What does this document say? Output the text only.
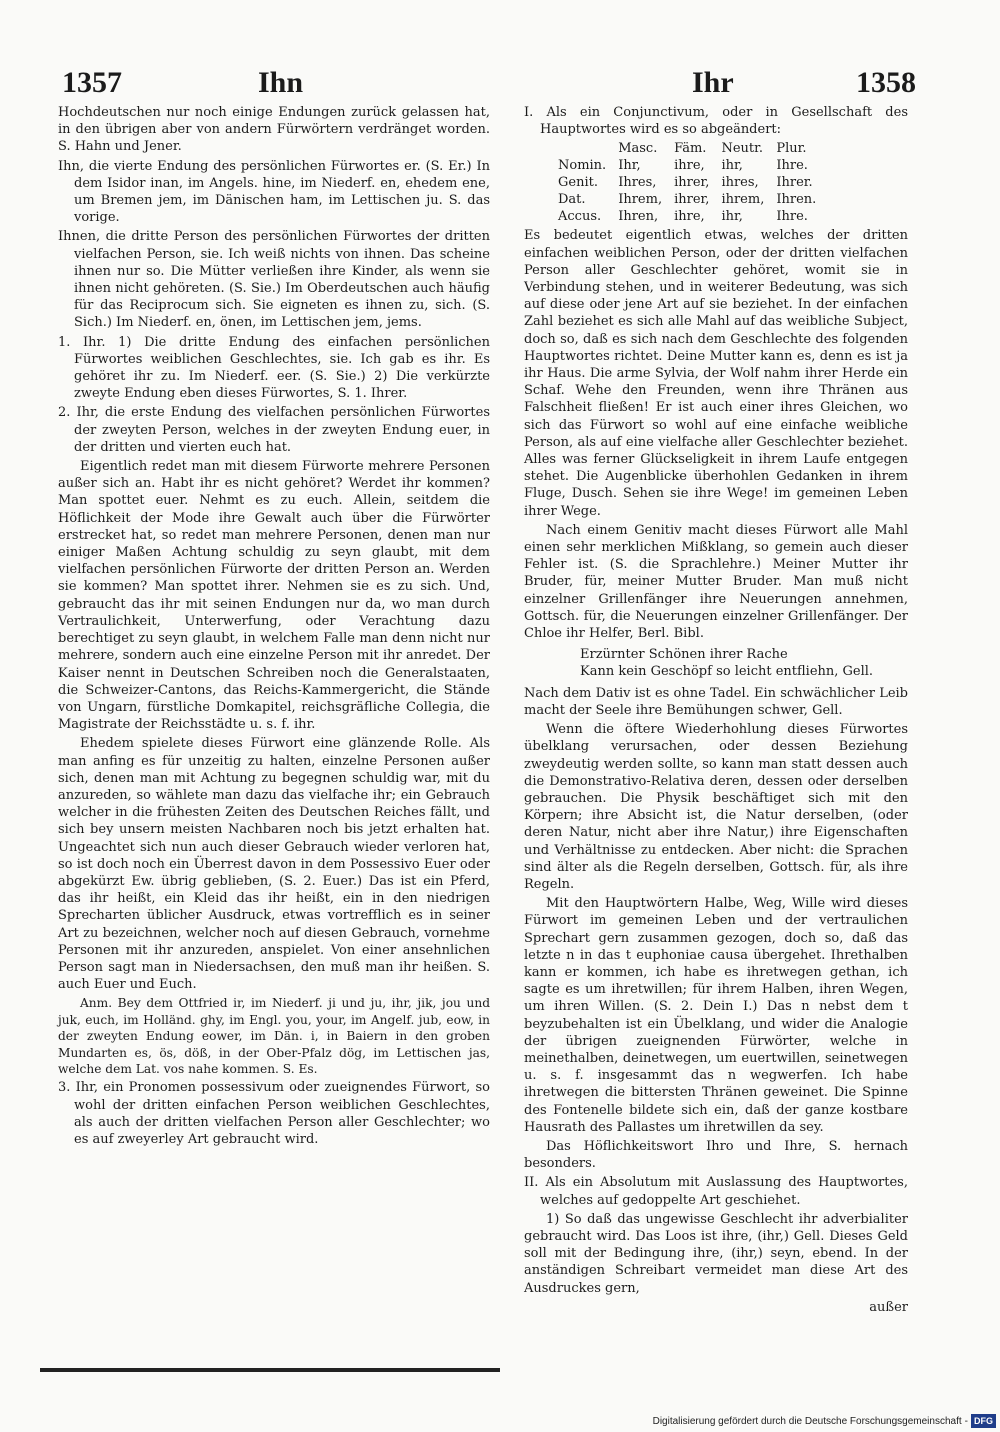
1357	Ihn	Ihr	1358

Hochdeutschen nur noch einige Endungen zurück gelassen hat, in den übrigen aber von andern Fürwörtern verdränget worden. S. Hahn und Jener.

Ihn, die vierte Endung des persönlichen Fürwortes er. (S. Er.) In dem Isidor inan, im Angels. hine, im Niederf. en, ehedem ene, um Bremen jem, im Dänischen ham, im Lettischen ju. S. das vorige.

Ihnen, die dritte Person des persönlichen Fürwortes der dritten vielfachen Person, sie. Ich weiß nichts von ihnen. Das scheine ihnen nur so. Die Mütter verließen ihre Kinder, als wenn sie ihnen nicht gehöreten. (S. Sie.) Im Oberdeutschen auch häufig für das Reciprocum sich. Sie eigneten es ihnen zu, sich. (S. Sich.) Im Niederf. en, önen, im Lettischen jem, jems.

1. Ihr. 1) Die dritte Endung des einfachen persönlichen Fürwortes weiblichen Geschlechtes, sie. Ich gab es ihr. Es gehöret ihr zu. Im Niederf. eer. (S. Sie.) 2) Die verkürzte zweyte Endung eben dieses Fürwortes, S. 1. Ihrer.

2. Ihr, die erste Endung des vielfachen persönlichen Fürwortes der zweyten Person, welches in der zweyten Endung euer, in der dritten und vierten euch hat.

Eigentlich redet man mit diesem Fürworte mehrere Personen außer sich an. Habt ihr es nicht gehöret? Werdet ihr kommen? Man spottet euer. Nehmt es zu euch. Allein, seitdem die Höflichkeit der Mode ihre Gewalt auch über die Fürwörter erstrecket hat, so redet man mehrere Personen, denen man nur einiger Maßen Achtung schuldig zu seyn glaubt, mit dem vielfachen persönlichen Fürworte der dritten Person an. Werden sie kommen? Man spottet ihrer. Nehmen sie es zu sich. Und, gebraucht das ihr mit seinen Endungen nur da, wo man durch Vertraulichkeit, Unterwerfung, oder Verachtung dazu berechtiget zu seyn glaubt, in welchem Falle man denn nicht nur mehrere, sondern auch eine einzelne Person mit ihr anredet. Der Kaiser nennt in Deutschen Schreiben noch die Generalstaaten, die Schweizer-Cantons, das Reichs-Kammergericht, die Stände von Ungarn, fürstliche Domkapitel, reichsgräfliche Collegia, die Magistrate der Reichsstädte u. s. f. ihr.

Ehedem spielete dieses Fürwort eine glänzende Rolle. Als man anfing es für unzeitig zu halten, einzelne Personen außer sich, denen man mit Achtung zu begegnen schuldig war, mit du anzureden, so wählete man dazu das vielfache ihr; ein Gebrauch welcher in die frühesten Zeiten des Deutschen Reiches fällt, und sich bey unsern meisten Nachbaren noch bis jetzt erhalten hat. Ungeachtet sich nun auch dieser Gebrauch wieder verloren hat, so ist doch noch ein Überrest davon in dem Possessivo Euer oder abgekürzt Ew. übrig geblieben, (S. 2. Euer.) Das ist ein Pferd, das ihr heißt, ein Kleid das ihr heißt, ein in den niedrigen Sprecharten üblicher Ausdruck, etwas vortrefflich es in seiner Art zu bezeichnen, welcher noch auf diesen Gebrauch, vornehme Personen mit ihr anzureden, anspielet. Von einer ansehnlichen Person sagt man in Niedersachsen, den muß man ihr heißen. S. auch Euer und Euch.

Anm. Bey dem Ottfried ir, im Niederf. ji und ju, ihr, jik, jou und juk, euch, im Holländ. ghy, im Engl. you, your, im Angelf. jub, eow, in der zweyten Endung eower, im Dän. i, in Baiern in den groben Mundarten es, ös, döß, in der Ober-Pfalz dög, im Lettischen jas, welche dem Lat. vos nahe kommen. S. Es.

3. Ihr, ein Pronomen possessivum oder zueignendes Fürwort, so wohl der dritten einfachen Person weiblichen Geschlechtes, als auch der dritten vielfachen Person aller Geschlechter; wo es auf zweyerley Art gebraucht wird.

I. Als ein Conjunctivum, oder in Gesellschaft des Hauptwortes wird es so abgeändert:

	Masc.	Fäm.	Neutr.	Plur.
Nomin.	Ihr,	ihre,	ihr,	Ihre.
Genit.	Ihres,	ihrer,	ihres,	Ihrer.
Dat.	Ihrem,	ihrer,	ihrem,	Ihren.
Accus.	Ihren,	ihre,	ihr,	Ihre.

Es bedeutet eigentlich etwas, welches der dritten einfachen weiblichen Person, oder der dritten vielfachen Person aller Geschlechter gehöret, womit sie in Verbindung stehen, und in weiterer Bedeutung, was sich auf diese oder jene Art auf sie beziehet. In der einfachen Zahl beziehet es sich alle Mahl auf das weibliche Subject, doch so, daß es sich nach dem Geschlechte des folgenden Hauptwortes richtet. Deine Mutter kann es, denn es ist ja ihr Haus. Die arme Sylvia, der Wolf nahm ihrer Herde ein Schaf. Wehe den Freunden, wenn ihre Thränen aus Falschheit fließen! Er ist auch einer ihres Gleichen, wo sich das Fürwort so wohl auf eine einfache weibliche Person, als auf eine vielfache aller Geschlechter beziehet. Alles was ferner Glückseligkeit in ihrem Laufe entgegen stehet. Die Augenblicke überhohlen Gedanken in ihrem Fluge, Dusch. Sehen sie ihre Wege! im gemeinen Leben ihrer Wege.

Nach einem Genitiv macht dieses Fürwort alle Mahl einen sehr merklichen Mißklang, so gemein auch dieser Fehler ist. (S. die Sprachlehre.) Meiner Mutter ihr Bruder, für, meiner Mutter Bruder. Man muß nicht einzelner Grillenfänger ihre Neuerungen annehmen, Gottsch. für, die Neuerungen einzelner Grillenfänger. Der Chloe ihr Helfer, Berl. Bibl.

Erzürnter Schönen ihrer Rache
Kann kein Geschöpf so leicht entfliehn, Gell.

Nach dem Dativ ist es ohne Tadel. Ein schwächlicher Leib macht der Seele ihre Bemühungen schwer, Gell.

Wenn die öftere Wiederhohlung dieses Fürwortes übelklang verursachen, oder dessen Beziehung zweydeutig werden sollte, so kann man statt dessen auch die Demonstrativo-Relativa deren, dessen oder derselben gebrauchen. Die Physik beschäftiget sich mit den Körpern; ihre Absicht ist, die Natur derselben, (oder deren Natur, nicht aber ihre Natur,) ihre Eigenschaften und Verhältnisse zu entdecken. Aber nicht: die Sprachen sind älter als die Regeln derselben, Gottsch. für, als ihre Regeln.

Mit den Hauptwörtern Halbe, Weg, Wille wird dieses Fürwort im gemeinen Leben und der vertraulichen Sprechart gern zusammen gezogen, doch so, daß das letzte n in das t euphoniae causa übergehet. Ihrethalben kann er kommen, ich habe es ihretwegen gethan, ich sagte es um ihretwillen; für ihrem Halben, ihren Wegen, um ihren Willen. (S. 2. Dein I.) Das n nebst dem t beyzubehalten ist ein Übelklang, und wider die Analogie der übrigen zueignenden Fürwörter, welche in meinethalben, deinetwegen, um euertwillen, seinetwegen u. s. f. insgesammt das n wegwerfen. Ich habe ihretwegen die bittersten Thränen geweinet. Die Spinne des Fontenelle bildete sich ein, daß der ganze kostbare Hausrath des Pallastes um ihretwillen da sey.

Das Höflichkeitswort Ihro und Ihre, S. hernach besonders.

II. Als ein Absolutum mit Auslassung des Hauptwortes, welches auf gedoppelte Art geschiehet.

1) So daß das ungewisse Geschlecht ihr adverbialiter gebraucht wird. Das Loos ist ihre, (ihr,) Gell. Dieses Geld soll mit der Bedingung ihre, (ihr,) seyn, ebend. In der anständigen Schreibart vermeidet man diese Art des Ausdruckes gern,

außer

Digitalisierung gefördert durch die Deutsche Forschungsgemeinschaft - DFG
